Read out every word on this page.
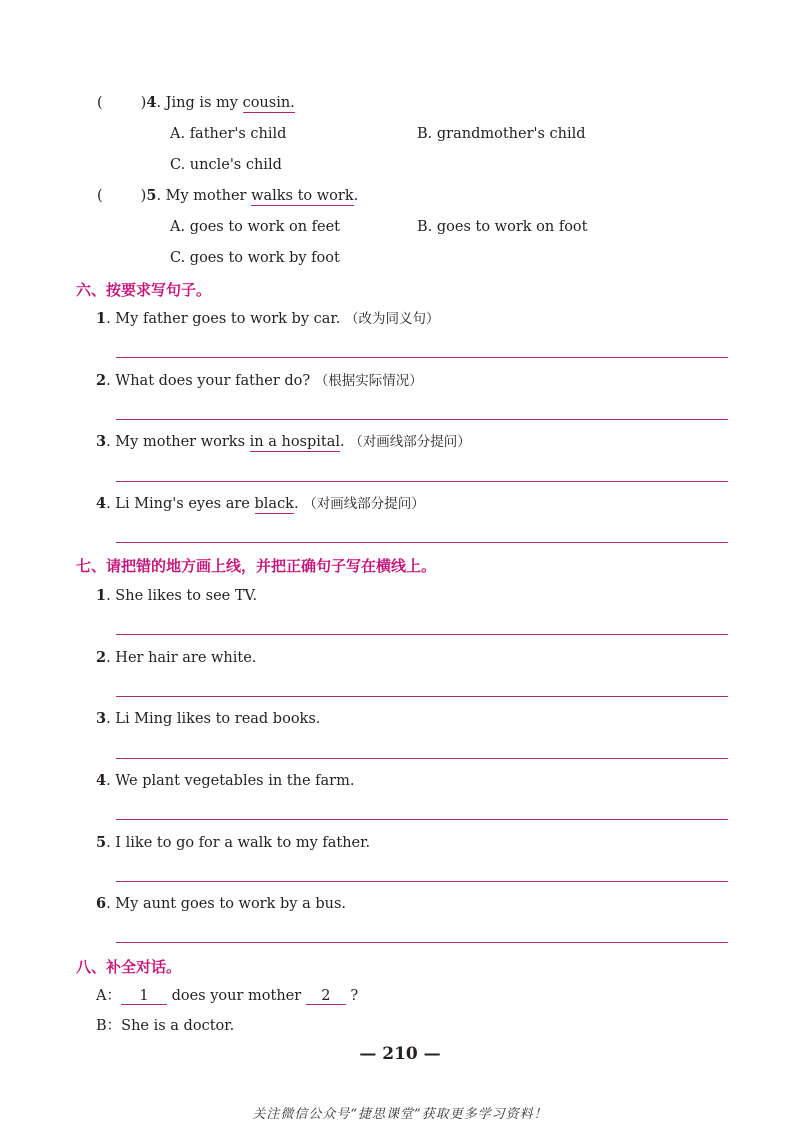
(	)4. Jing is my cousin.
A. father's child	B. grandmother's child
C. uncle's child
(	)5. My mother walks to work.
A. goes to work on feet	B. goes to work on foot
C. goes to work by foot
六、按要求写句子。
1. My father goes to work by car. （改为同义句）
2. What does your father do? （根据实际情况）
3. My mother works in a hospital. （对画线部分提问）
4. Li Ming's eyes are black. （对画线部分提问）
七、请把错的地方画上线，并把正确句子写在横线上。
1. She likes to see TV.
2. Her hair are white.
3. Li Ming likes to read books.
4. We plant vegetables in the farm.
5. I like to go for a walk to my father.
6. My aunt goes to work by a bus.
八、补全对话。
A： 1 does your mother 2 ?
B：She is a doctor.
— 210 —
关注微信公众号“捷思课堂”获取更多学习资料！
